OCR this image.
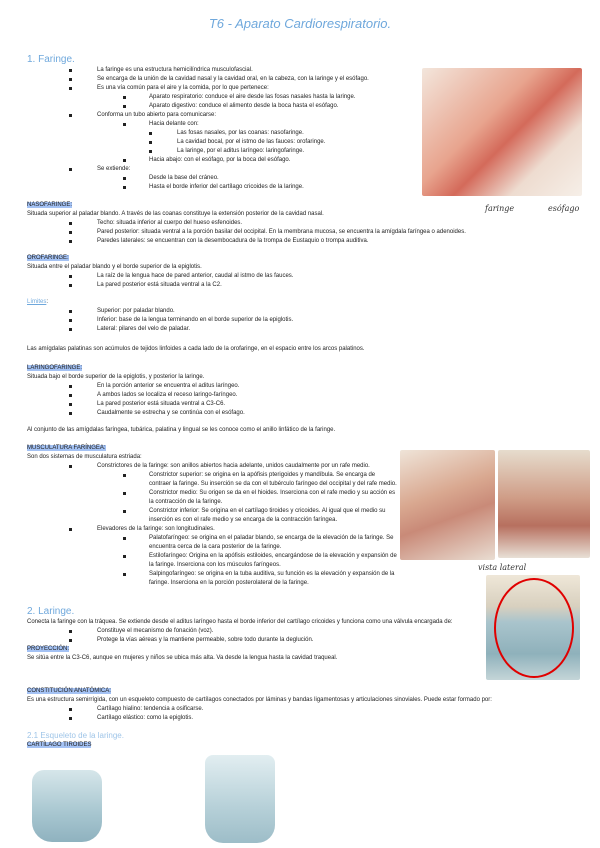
T6 - Aparato Cardiorespiratorio.
1. Faringe.
La faringe es una estructura hemicilíndrica musculofascial.
Se encarga de la unión de la cavidad nasal y la cavidad oral, en la cabeza, con la laringe y el esófago.
Es una vía común para el aire y la comida, por lo que pertenece:
Aparato respiratorio: conduce el aire desde las fosas nasales hasta la laringe.
Aparato digestivo: conduce el alimento desde la boca hasta el esófago.
Conforma un tubo abierto para comunicarse:
Hacia delante con:
Las fosas nasales, por las coanas: nasofaringe.
La cavidad bocal, por el istmo de las fauces: orofaringe.
La laringe, por el aditus laríngeo: laringofaringe.
Hacia abajo: con el esófago, por la boca del esófago.
Se extiende:
Desde la base del cráneo.
Hasta el borde inferior del cartílago cricoides de la laringe.
faringe	esófago
NASOFARINGE:
Situada superior al paladar blando. A través de las coanas constituye la extensión posterior de la cavidad nasal.
Techo: situada inferior al cuerpo del hueso esfenoides.
Pared posterior: situada ventral a la porción basilar del occipital. En la membrana mucosa, se encuentra la amígdala faríngea o adenoides.
Paredes laterales: se encuentran con la desembocadura de la trompa de Eustaquio o trompa auditiva.
OROFARINGE:
Situada entre el paladar blando y el borde superior de la epiglotis.
La raíz de la lengua hace de pared anterior, caudal al istmo de las fauces.
La pared posterior está situada ventral a la C2.
Límites:
Superior: por paladar blando.
Inferior: base de la lengua terminando en el borde superior de la epiglotis.
Lateral: pilares del velo de paladar.
Las amígdalas palatinas son acúmulos de tejidos linfoides a cada lado de la orofaringe, en el espacio entre los arcos palatinos.
LARINGOFARINGE:
Situada bajo el borde superior de la epiglotis, y posterior la laringe.
En la porción anterior se encuentra el aditus laríngeo.
A ambos lados se localiza el receso laringo-faríngeo.
La pared posterior está situada ventral a C3-C6.
Caudalmente se estrecha y se continúa con el esófago.
Al conjunto de las amígdalas faríngea, tubárica, palatina y lingual se les conoce como el anillo linfático de la faringe.
MUSCULATURA FARÍNGEA:
Son dos sistemas de musculatura estriada:
Constrictores de la faringe: son anillos abiertos hacia adelante, unidos caudalmente por un rafe medio.
Constrictor superior: se origina en la apófisis pterigoides y mandíbula. Se encarga de contraer la faringe. Su inserción se da con el tubérculo faríngeo del occipital y del rafe medio.
Constrictor medio: Su origen se da en el hioides. Inserciona con el rafe medio y su acción es la contracción de la faringe.
Constrictor inferior: Se origina en el cartílago tiroides y cricoides. Al igual que el medio su inserción es con el rafe medio y se encarga de la contracción faríngea.
Elevadores de la faringe: son longitudinales.
Palatofaríngeo: se origina en el paladar blando, se encarga de la elevación de la faringe. Se encuentra cerca de la cara posterior de la faringe.
Estilofaríngeo: Origina en la apófisis estiloides, encargándose de la elevación y expansión de la faringe. Inserciona con los músculos faríngeos.
Salpingofaríngeo: se origina en la tuba auditiva, su función es la elevación y expansión de la faringe. Inserciona en la porción posterolateral de la faringe.
vista lateral
2. Laringe.
Conecta la faringe con la tráquea. Se extiende desde el aditus laríngeo hasta el borde inferior del cartílago cricoides y funciona como una válvula encargada de:
Constituye el mecanismo de fonación (voz).
Protege la vías aéreas y la mantiene permeable, sobre todo durante la deglución.
PROYECCIÓN:
Se sitúa entre la C3-C6, aunque en mujeres y niños se ubica más alta. Va desde la lengua hasta la cavidad traqueal.
CONSTITUCIÓN ANATÓMICA:
Es una estructura semirrígida, con un esqueleto compuesto de cartílagos conectados por láminas y bandas ligamentosas y articulaciones sinoviales. Puede estar formado por:
Cartílago hialino: tendencia a osificarse.
Cartílago elástico: como la epiglotis.
2.1 Esqueleto de la laringe.
CARTÍLAGO TIROIDES
